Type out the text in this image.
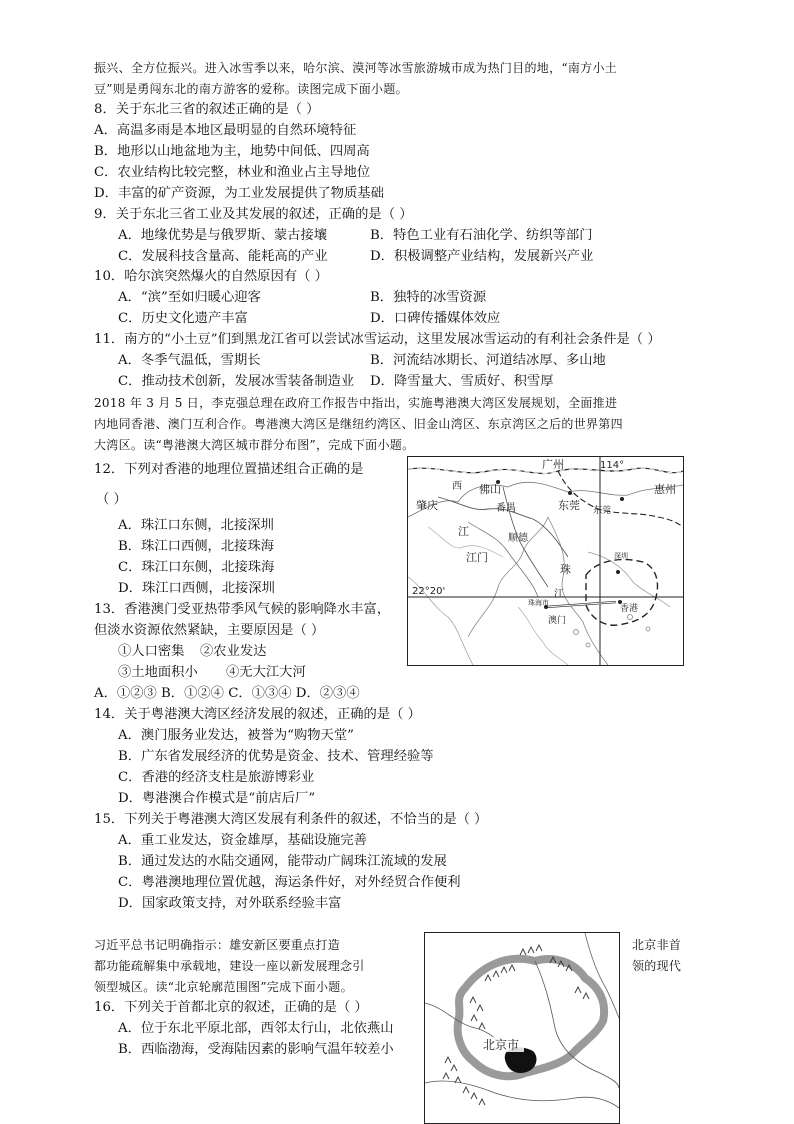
振兴、全方位振兴。进入冰雪季以来，哈尔滨、漠河等冰雪旅游城市成为热门目的地，“南方小土
豆”则是勇闯东北的南方游客的爱称。读图完成下面小题。
8．关于东北三省的叙述正确的是（ ）
A．高温多雨是本地区最明显的自然环境特征
B．地形以山地盆地为主，地势中间低、四周高
C．农业结构比较完整，林业和渔业占主导地位
D．丰富的矿产资源，为工业发展提供了物质基础
9．关于东北三省工业及其发展的叙述，正确的是（ ）
A．地缘优势是与俄罗斯、蒙古接壤	B．特色工业有石油化学、纺织等部门
C．发展科技含量高、能耗高的产业	D．积极调整产业结构，发展新兴产业
10．哈尔滨突然爆火的自然原因有（ ）
A．“滨”至如归暖心迎客	B．独特的冰雪资源
C．历史文化遗产丰富	D．口碑传播媒体效应
11．南方的“小土豆”们到黑龙江省可以尝试冰雪运动，这里发展冰雪运动的有利社会条件是（ ）
A．冬季气温低，雪期长	B．河流结冰期长、河道结冰厚、多山地
C．推动技术创新，发展冰雪装备制造业 D．降雪量大、雪质好、积雪厚
2018 年 3 月 5 日，李克强总理在政府工作报告中指出，实施粤港澳大湾区发展规划，全面推进
内地同香港、澳门互利合作。粤港澳大湾区是继纽约湾区、旧金山湾区、东京湾区之后的世界第四
大湾区。读“粤港澳大湾区城市群分布图”，完成下面小题。
12．下列对香港的地理位置描述组合正确的是
（ ）
A．珠江口东侧，北接深圳
B．珠江口西侧，北接珠海
C．珠江口东侧，北接珠海
D．珠江口西侧，北接深圳
13．香港澳门受亚热带季风气候的影响降水丰富，
但淡水资源依然紧缺，主要原因是（ ）
①人口密集 ②农业发达
③土地面积小 ④无大江大河
A．①②③ B．①②④ C．①③④ D．②③④
14．关于粤港澳大湾区经济发展的叙述，正确的是（ ）
A．澳门服务业发达，被誉为“购物天堂”
B．广东省发展经济的优势是资金、技术、管理经验等
C．香港的经济支柱是旅游博彩业
D．粤港澳合作模式是“前店后厂”
15．下列关于粤港澳大湾区发展有利条件的叙述，不恰当的是（ ）
A．重工业发达，资金雄厚，基础设施完善
B．通过发达的水陆交通网，能带动广阔珠江流域的发展
C．粤港澳地理位置优越，海运条件好，对外经贸合作便利
D．国家政策支持，对外联系经验丰富
习近平总书记明确指示：雄安新区要重点打造
都功能疏解集中承载地，建设一座以新发展理念引
领型城区。读“北京轮廓范围图”完成下面小题。
北京非首
领的现代
16．下列关于首都北京的叙述，正确的是（ ）
A．位于东北平原北部，西邻太行山，北依燕山
B．西临渤海，受海陆因素的影响气温年较差小
广州	114°
惠州
西 佛山
肇庆	东莞 东莞
番禺
江
顺德
江门
珠
22°20'
深圳
珠海市
江
澳门
香港
北京市
